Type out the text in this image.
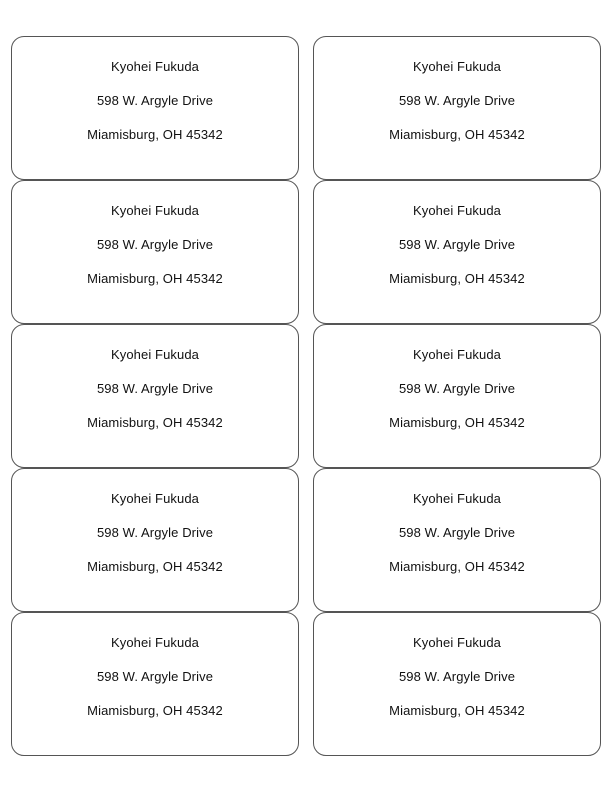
Kyohei Fukuda
598 W. Argyle Drive
Miamisburg, OH 45342
Kyohei Fukuda
598 W. Argyle Drive
Miamisburg, OH 45342
Kyohei Fukuda
598 W. Argyle Drive
Miamisburg, OH 45342
Kyohei Fukuda
598 W. Argyle Drive
Miamisburg, OH 45342
Kyohei Fukuda
598 W. Argyle Drive
Miamisburg, OH 45342
Kyohei Fukuda
598 W. Argyle Drive
Miamisburg, OH 45342
Kyohei Fukuda
598 W. Argyle Drive
Miamisburg, OH 45342
Kyohei Fukuda
598 W. Argyle Drive
Miamisburg, OH 45342
Kyohei Fukuda
598 W. Argyle Drive
Miamisburg, OH 45342
Kyohei Fukuda
598 W. Argyle Drive
Miamisburg, OH 45342
